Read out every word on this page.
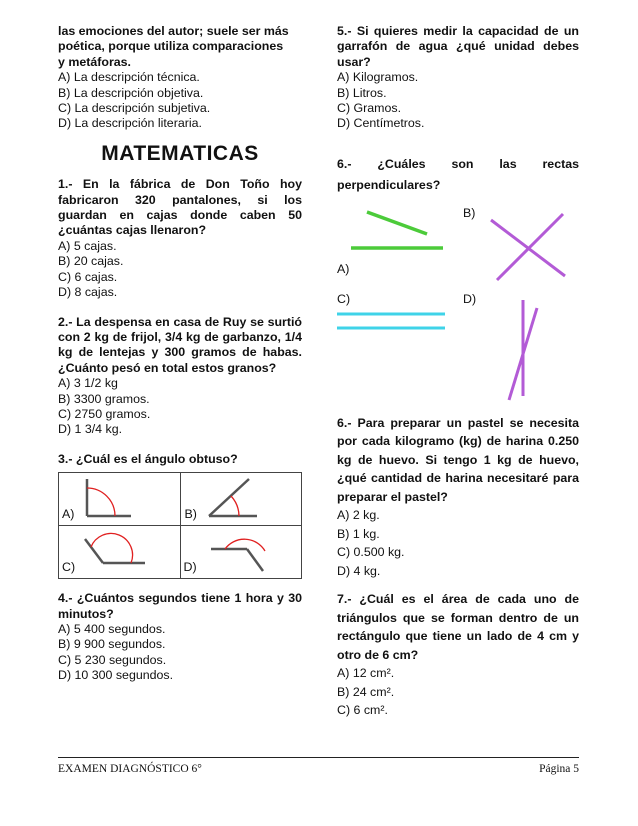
las emociones del autor; suele ser más
poética, porque utiliza comparaciones
y metáforas.
A) La descripción técnica.
B) La descripción objetiva.
C) La descripción subjetiva.
D) La descripción literaria.
MATEMATICAS
1.- En la fábrica de Don Toño hoy fabricaron 320 pantalones, si los guardan en cajas donde caben 50 ¿cuántas cajas llenaron?
A) 5 cajas.
B) 20 cajas.
C) 6 cajas.
D) 8 cajas.
2.- La despensa en casa de Ruy se surtió con 2 kg de frijol, 3/4 kg de garbanzo, 1/4 kg de lentejas y 300 gramos de habas. ¿Cuánto pesó en total estos granos?
A) 3 1/2 kg
B) 3300 gramos.
C) 2750 gramos.
D) 1 3/4 kg.
3.- ¿Cuál es el ángulo obtuso?
A)	B)

C)	D)
4.- ¿Cuántos segundos tiene 1 hora y 30 minutos?
A) 5 400 segundos.
B) 9 900 segundos.
C) 5 230 segundos.
D) 10 300 segundos.
5.- Si quieres medir la capacidad de un garrafón de agua ¿qué unidad debes usar?
A) Kilogramos.
B) Litros.
C) Gramos.
D) Centímetros.
6.- ¿Cuáles son las rectas perpendiculares?
B)
A)
C)	D)
6.- Para preparar un pastel se necesita por cada kilogramo (kg) de harina 0.250 kg de huevo. Si tengo 1 kg de huevo, ¿qué cantidad de harina necesitaré para preparar el pastel?
A) 2 kg.
B) 1 kg.
C) 0.500 kg.
D) 4 kg.
7.- ¿Cuál es el área de cada uno de triángulos que se forman dentro de un rectángulo que tiene un lado de 4 cm y otro de 6 cm?
A) 12 cm².
B) 24 cm².
C) 6 cm².
EXAMEN DIAGNÓSTICO 6°	Página 5
